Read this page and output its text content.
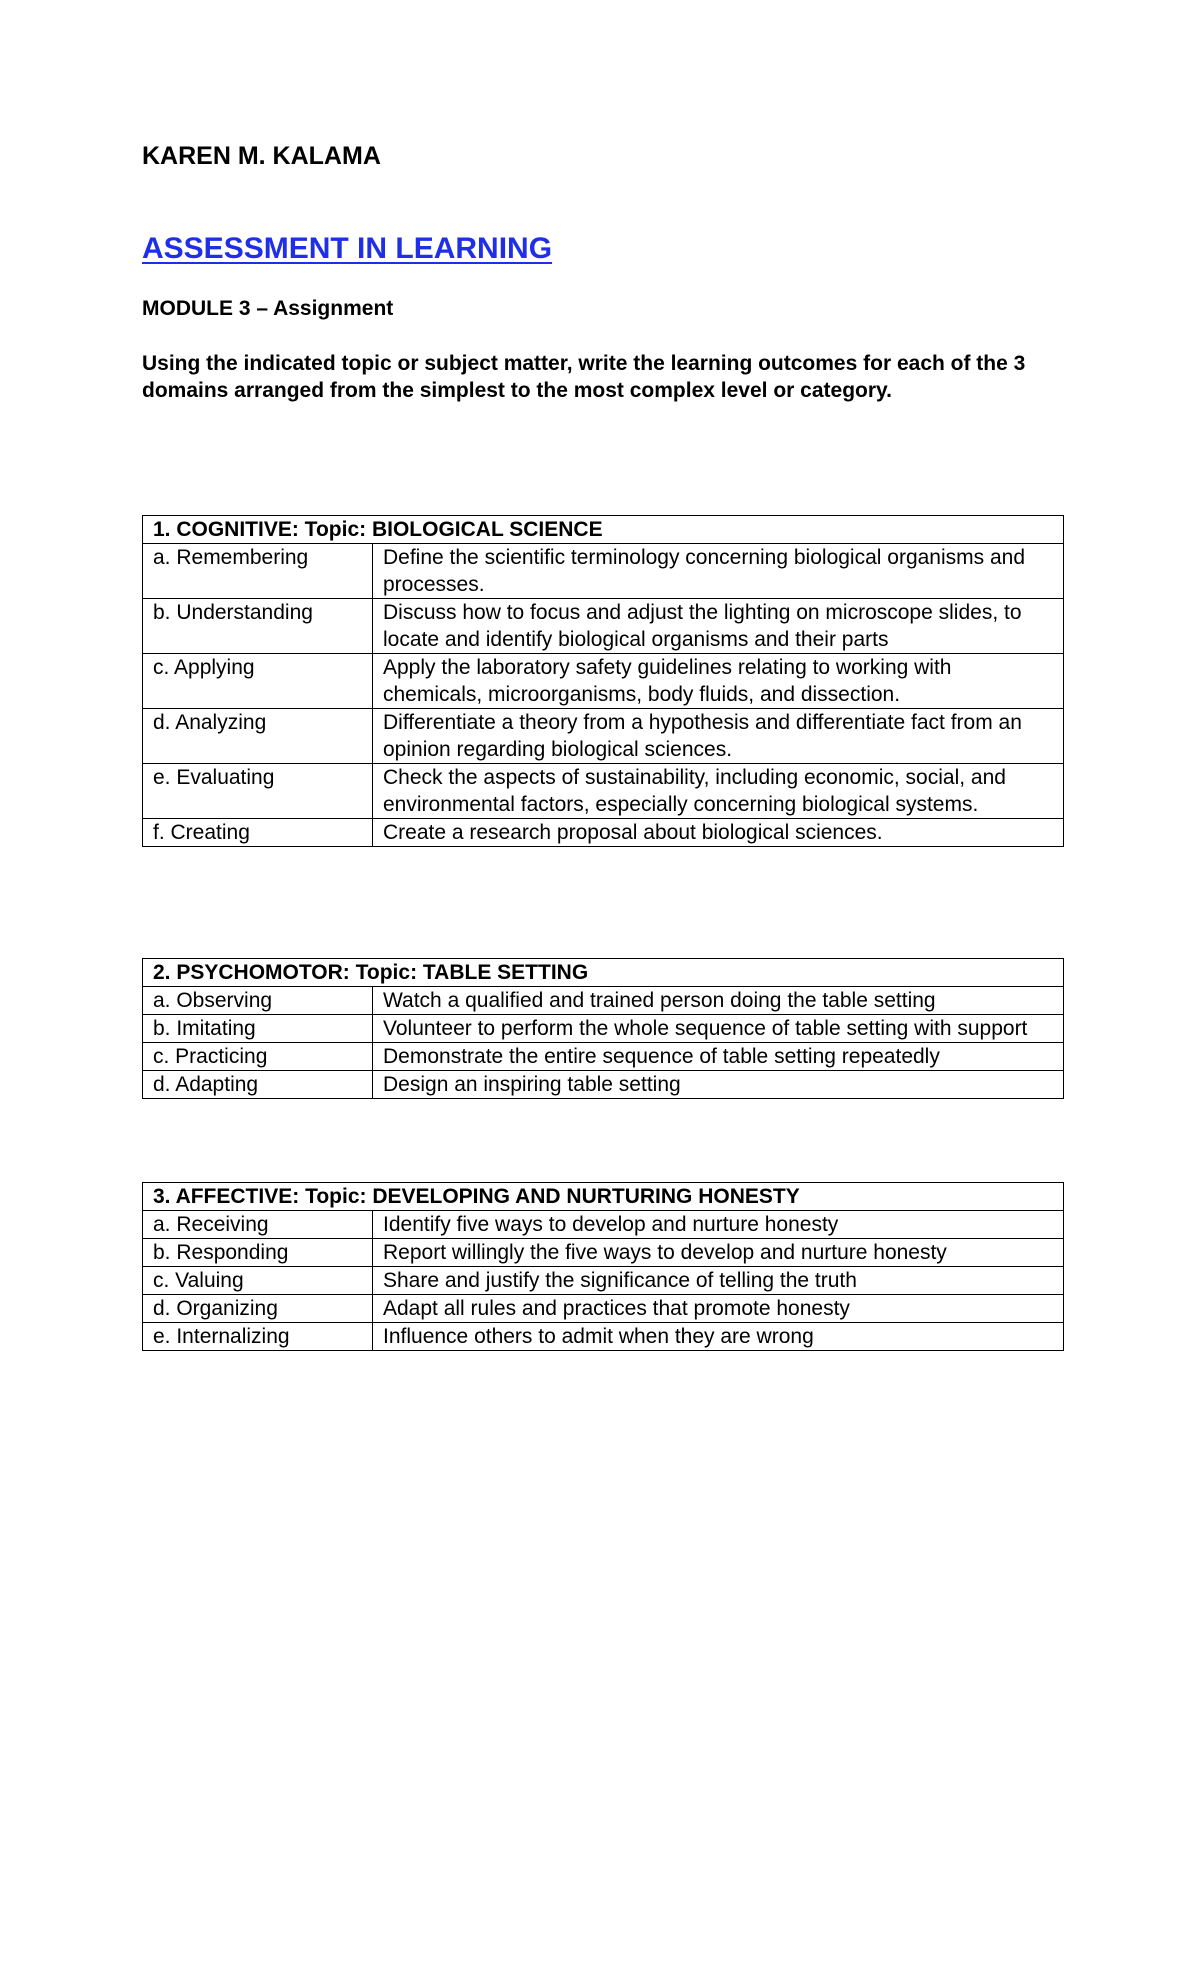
KAREN M. KALAMA
ASSESSMENT IN LEARNING
MODULE 3 – Assignment
Using the indicated topic or subject matter, write the learning outcomes for each of the 3 domains arranged from the simplest to the most complex level or category.
1. COGNITIVE: Topic: BIOLOGICAL SCIENCE	
a. Remembering	Define the scientific terminology concerning biological organisms and processes.
b. Understanding	Discuss how to focus and adjust the lighting on microscope slides, to locate and identify biological organisms and their parts
c. Applying	Apply the laboratory safety guidelines relating to working with chemicals, microorganisms, body fluids, and dissection.
d. Analyzing	Differentiate a theory from a hypothesis and differentiate fact from an opinion regarding biological sciences.
e. Evaluating	Check the aspects of sustainability, including economic, social, and environmental factors, especially concerning biological systems.
f. Creating	Create a research proposal about biological sciences.
2. PSYCHOMOTOR: Topic: TABLE SETTING	
a. Observing	Watch a qualified and trained person doing the table setting
b. Imitating	Volunteer to perform the whole sequence of table setting with support
c. Practicing	Demonstrate the entire sequence of table setting repeatedly
d. Adapting	Design an inspiring table setting
3. AFFECTIVE: Topic: DEVELOPING AND NURTURING HONESTY	
a. Receiving	Identify five ways to develop and nurture honesty
b. Responding	Report willingly the five ways to develop and nurture honesty
c. Valuing	Share and justify the significance of telling the truth
d. Organizing	Adapt all rules and practices that promote honesty
e. Internalizing	Influence others to admit when they are wrong
